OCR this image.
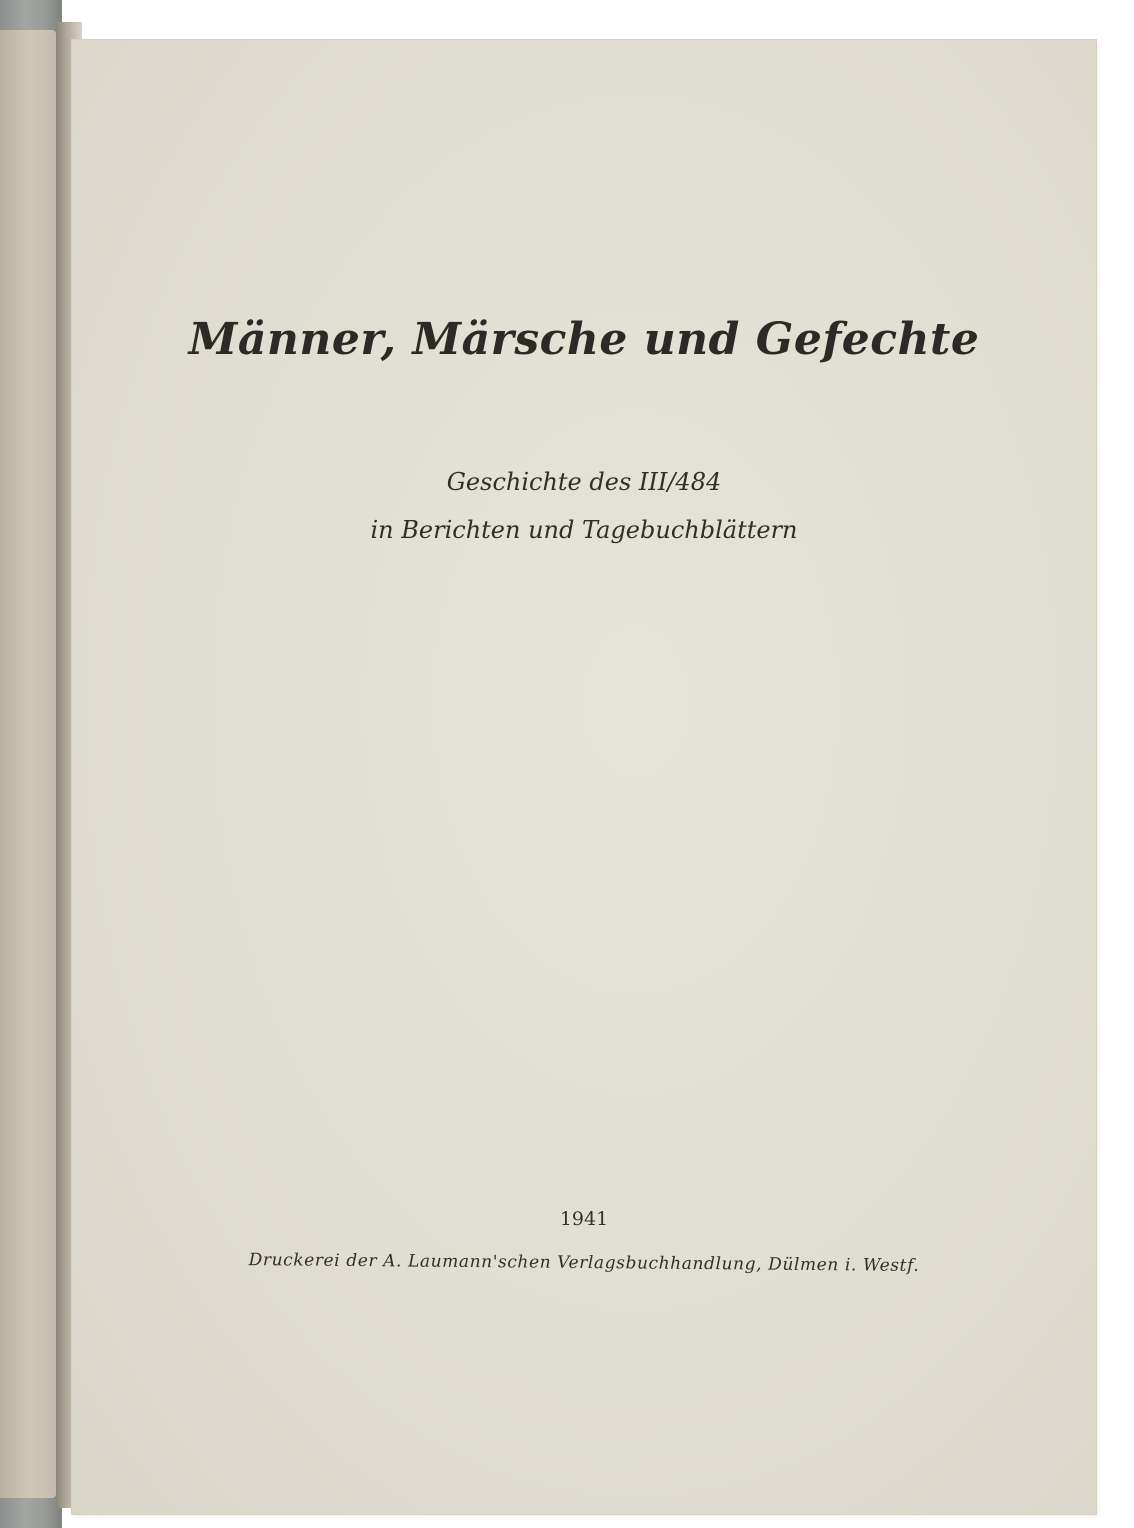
Männer, Märsche und Gefechte

Geschichte des III/484

in Berichten und Tagebuchblättern

1941

Druckerei der A. Laumann'schen Verlagsbuchhandlung, Dülmen i. Westf.
